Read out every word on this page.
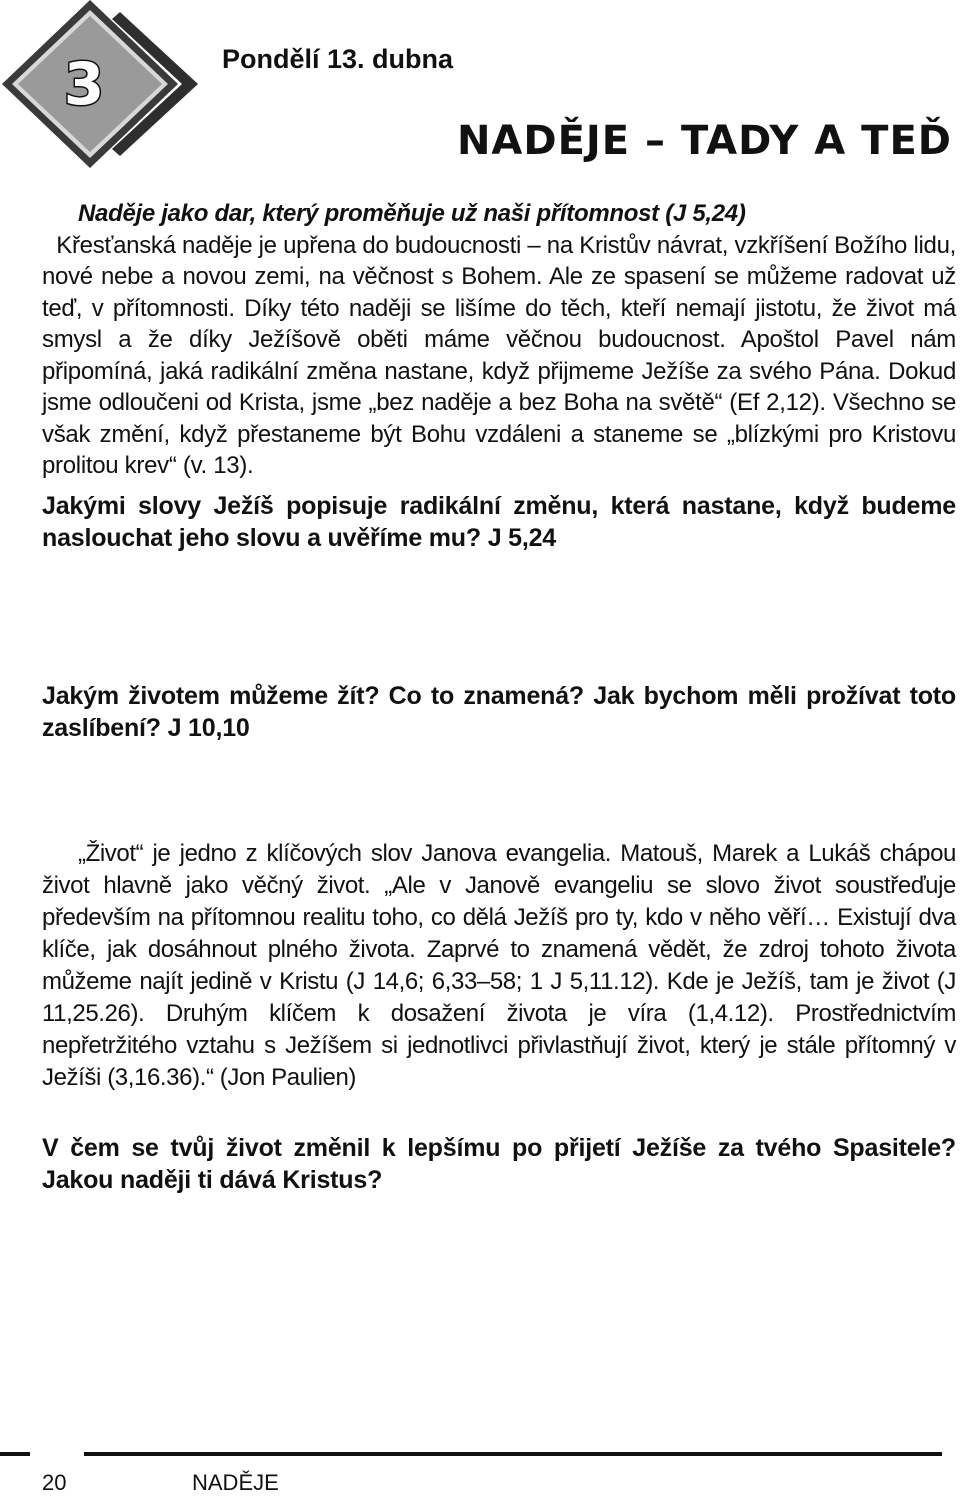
3	Pondělí 13. dubna
NADĚJE – TADY A TEĎ
Naděje jako dar, který proměňuje už naši přítomnost (J 5,24)
Křesťanská naděje je upřena do budoucnosti – na Kristův návrat, vzkříšení Božího lidu,
nové nebe a novou zemi, na věčnost s Bohem. Ale ze spasení se můžeme radovat už teď, v přítomnosti. Díky této naději se lišíme do těch, kteří nemají jistotu, že život má smysl a že díky Ježíšově oběti máme věčnou budoucnost. Apoštol Pavel nám připomíná, jaká radikální změna nastane, když přijmeme Ježíše za svého Pána. Dokud jsme odloučeni od Krista, jsme „bez naděje a bez Boha na světě“ (Ef 2,12). Všechno se však změní, když přestaneme být Bohu vzdáleni a staneme se „blízkými pro Kristovu prolitou krev“ (v. 13).

Jakými slovy Ježíš popisuje radikální změnu, která nastane, když budeme naslouchat jeho slovu a uvěříme mu? J 5,24

Jakým životem můžeme žít? Co to znamená? Jak bychom měli prožívat toto zaslíbení? J 10,10

„Život“ je jedno z klíčových slov Janova evangelia. Matouš, Marek a Lukáš chápou život hlavně jako věčný život. „Ale v Janově evangeliu se slovo život soustřeďuje především na přítomnou realitu toho, co dělá Ježíš pro ty, kdo v něho věří… Existují dva klíče, jak dosáhnout plného života. Zaprvé to znamená vědět, že zdroj tohoto života můžeme najít jedině v Kristu (J 14,6; 6,33–58; 1 J 5,11.12). Kde je Ježíš, tam je život (J 11,25.26). Druhým klíčem k dosažení života je víra (1,4.12). Prostřednictvím nepřetržitého vztahu s Ježíšem si jednotlivci přivlastňují život, který je stále přítomný v Ježíši (3,16.36).“ (Jon Paulien)

V čem se tvůj život změnil k lepšímu po přijetí Ježíše za tvého Spasitele? Jakou naději ti dává Kristus?

20	NADĚJE
